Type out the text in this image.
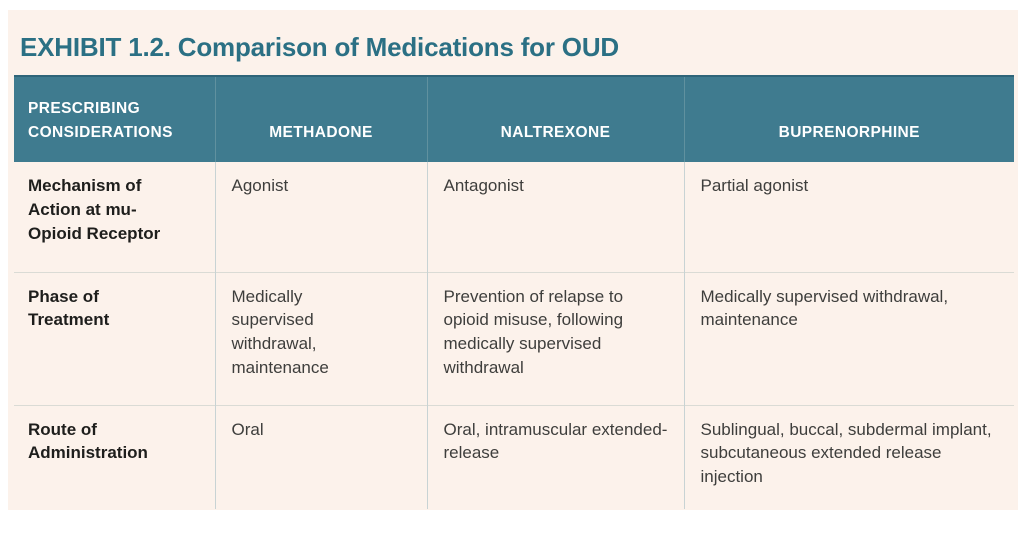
EXHIBIT 1.2. Comparison of Medications for OUD
PRESCRIBING CONSIDERATIONS	METHADONE	NALTREXONE	BUPRENORPHINE
Mechanism of Action at mu-Opioid Receptor	Agonist	Antagonist	Partial agonist
Phase of Treatment	Medically supervised withdrawal, maintenance	Prevention of relapse to opioid misuse, following medically supervised withdrawal	Medically supervised withdrawal, maintenance
Route of Administration	Oral	Oral, intramuscular extended-release	Sublingual, buccal, subdermal implant, subcutaneous extended release injection
